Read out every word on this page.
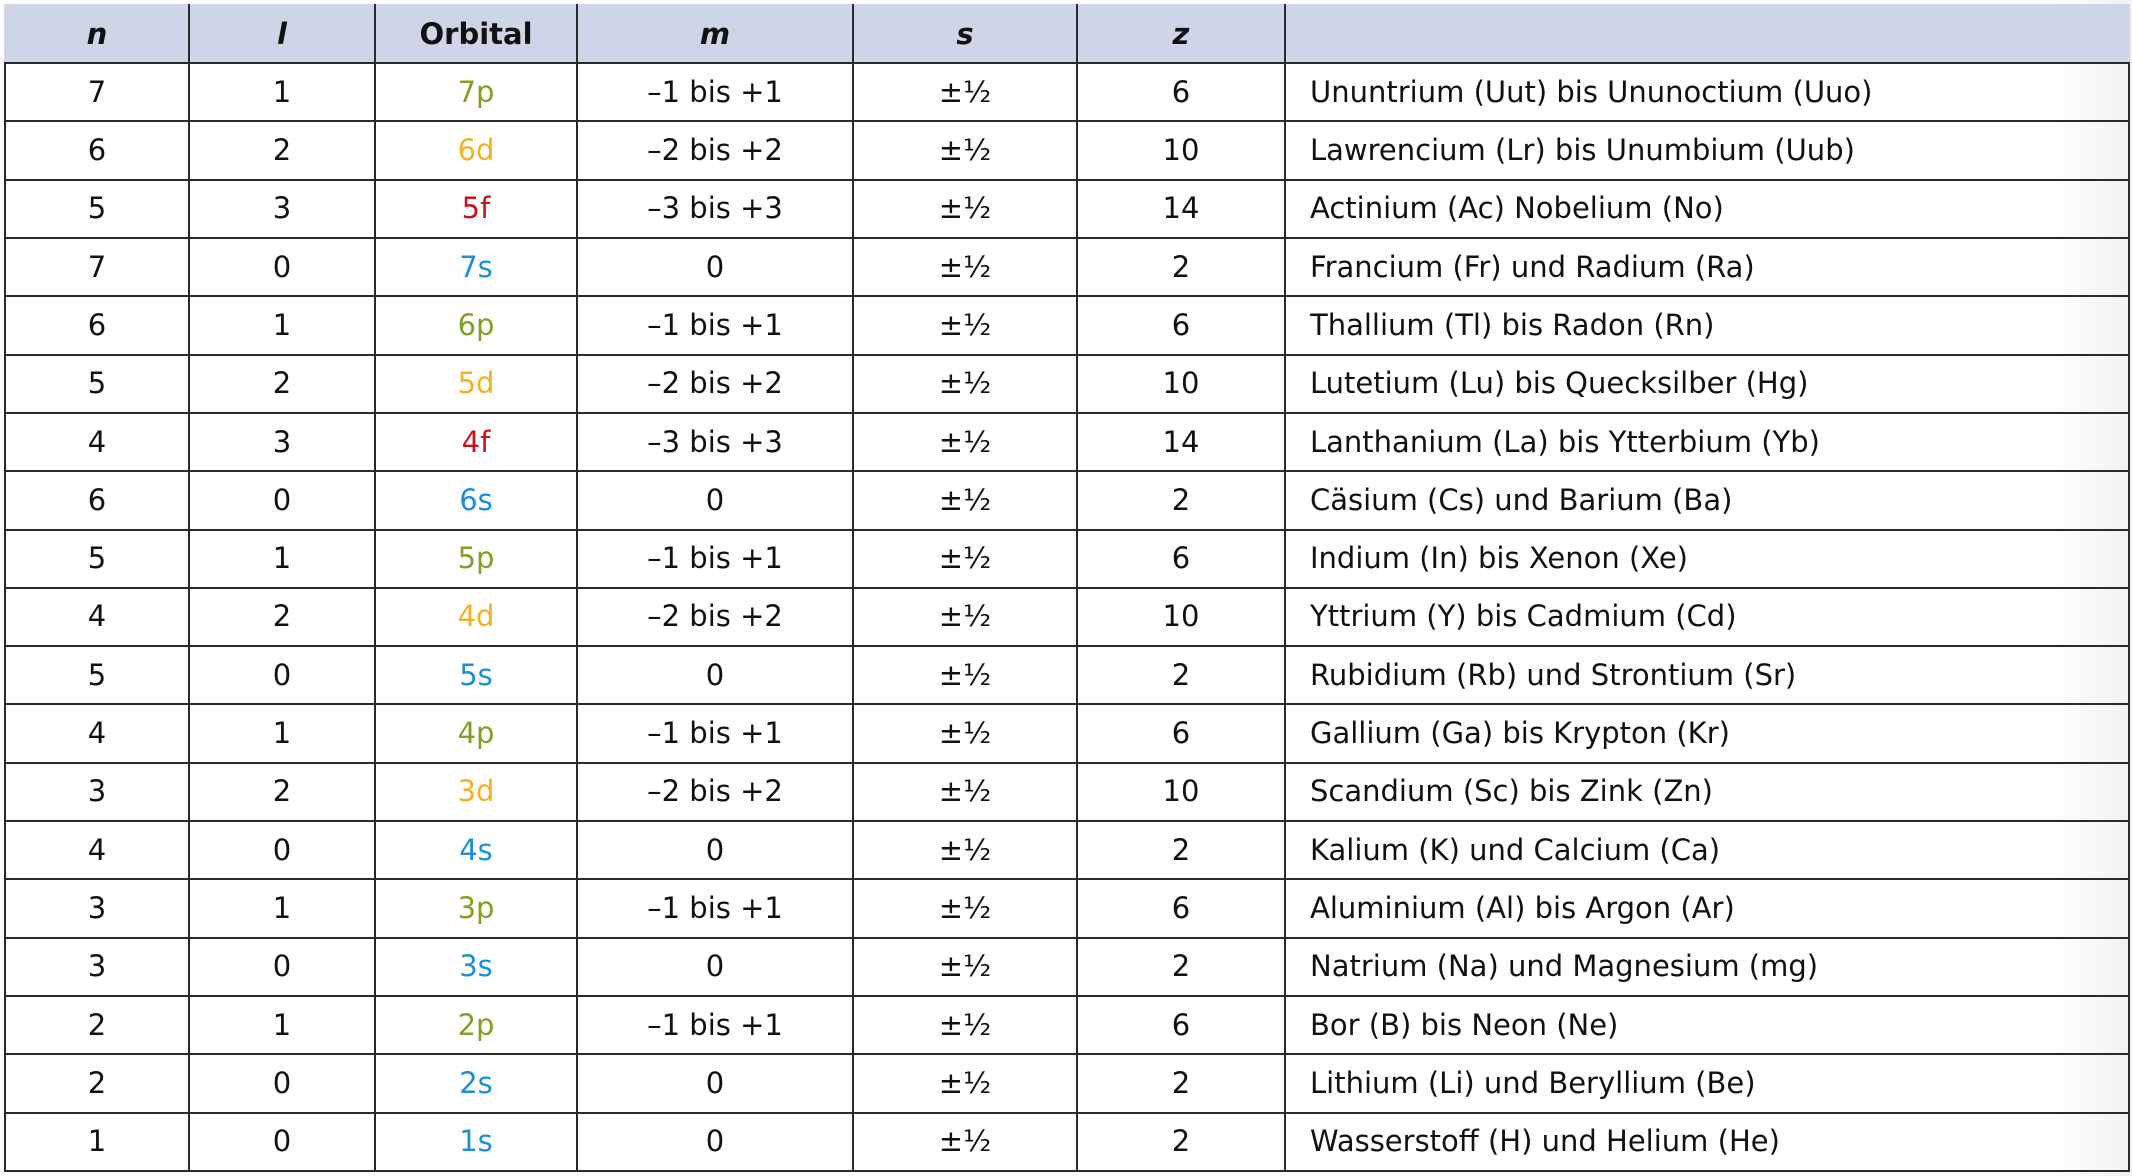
n	l	Orbital	m	s	z	
7	1	7p	–1 bis +1	±½	6	Ununtrium (Uut) bis Ununoctium (Uuo)
6	2	6d	–2 bis +2	±½	10	Lawrencium (Lr) bis Unumbium (Uub)
5	3	5f	–3 bis +3	±½	14	Actinium (Ac) Nobelium (No)
7	0	7s	0	±½	2	Francium (Fr) und Radium (Ra)
6	1	6p	–1 bis +1	±½	6	Thallium (Tl) bis Radon (Rn)
5	2	5d	–2 bis +2	±½	10	Lutetium (Lu) bis Quecksilber (Hg)
4	3	4f	–3 bis +3	±½	14	Lanthanium (La) bis Ytterbium (Yb)
6	0	6s	0	±½	2	Cäsium (Cs) und Barium (Ba)
5	1	5p	–1 bis +1	±½	6	Indium (In) bis Xenon (Xe)
4	2	4d	–2 bis +2	±½	10	Yttrium (Y) bis Cadmium (Cd)
5	0	5s	0	±½	2	Rubidium (Rb) und Strontium (Sr)
4	1	4p	–1 bis +1	±½	6	Gallium (Ga) bis Krypton (Kr)
3	2	3d	–2 bis +2	±½	10	Scandium (Sc) bis Zink (Zn)
4	0	4s	0	±½	2	Kalium (K) und Calcium (Ca)
3	1	3p	–1 bis +1	±½	6	Aluminium (Al) bis Argon (Ar)
3	0	3s	0	±½	2	Natrium (Na) und Magnesium (mg)
2	1	2p	–1 bis +1	±½	6	Bor (B) bis Neon (Ne)
2	0	2s	0	±½	2	Lithium (Li) und Beryllium (Be)
1	0	1s	0	±½	2	Wasserstoff (H) und Helium (He)
